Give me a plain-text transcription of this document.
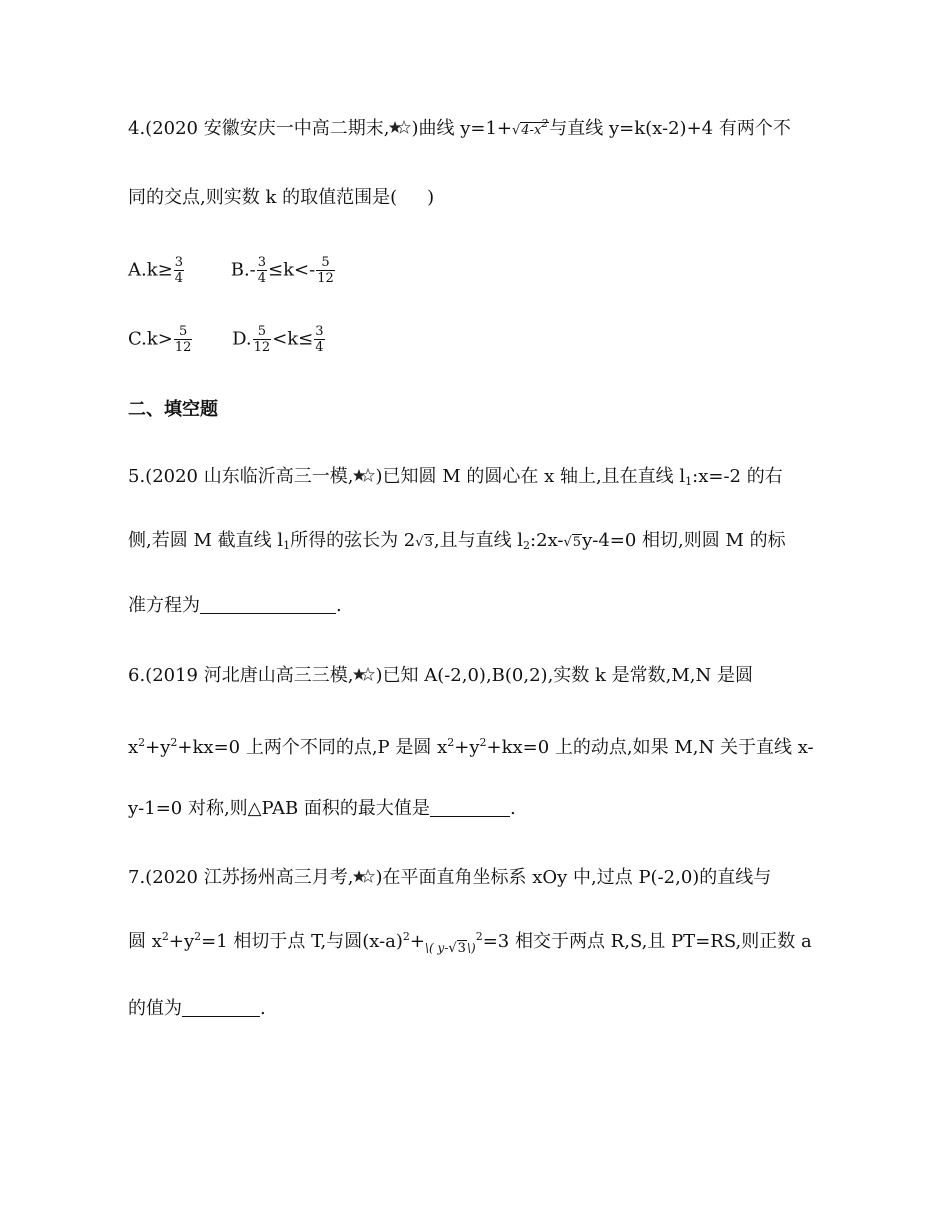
4.(2020 安徽安庆一中高二期末, )曲线 $y=1+√4-x^2$与直线 y=k(x-2)+4 有两个不
同的交点,则实数 k 的取值范围是( )
$A.k\ge \frac{3}{4}$	$B.- \frac{3}{4} \le k<- \frac{5}{12}$
$C.k> \frac{5}{12} D$. $\frac{5}{12} <k\le \frac{3}{4}$
二、填空题
5.(2020 山东临沂高三一模, )已知圆 M 的圆心在 x 轴上,且在直线 $l_1:x=-2$ 的右
侧,若圆 M 截直线 $l_1$所得的弦长为 2√3,且与直线 $l_2:2x-√5y-4=0$ 相切,则圆 M 的标
准方程为	.
6.(2019 河北唐山高三三模, )已知 A(-2,0),B(0,2),实数 k 是常数,M,N 是圆
$x^2+y^2+kx=0$ 上两个不同的点,P 是圆 $x^2+y^2+kx=0$ 上的动点,如果 M,N 关于直线 x-
y-1=0 对称,则△PAB 面积的最大值是	.
7.(2020 江苏扬州高三月考, )在平面直角坐标系 xOy 中,过点 P(-2,0)的直线与
圆 $x^2+y^2=1$ 相切于点 T,与圆$(x-a)^2+_{\backslash( y-√3\backslash)}^2=3$ 相交于两点 R,S,且 PT=RS,则正数 a
的值为	.
